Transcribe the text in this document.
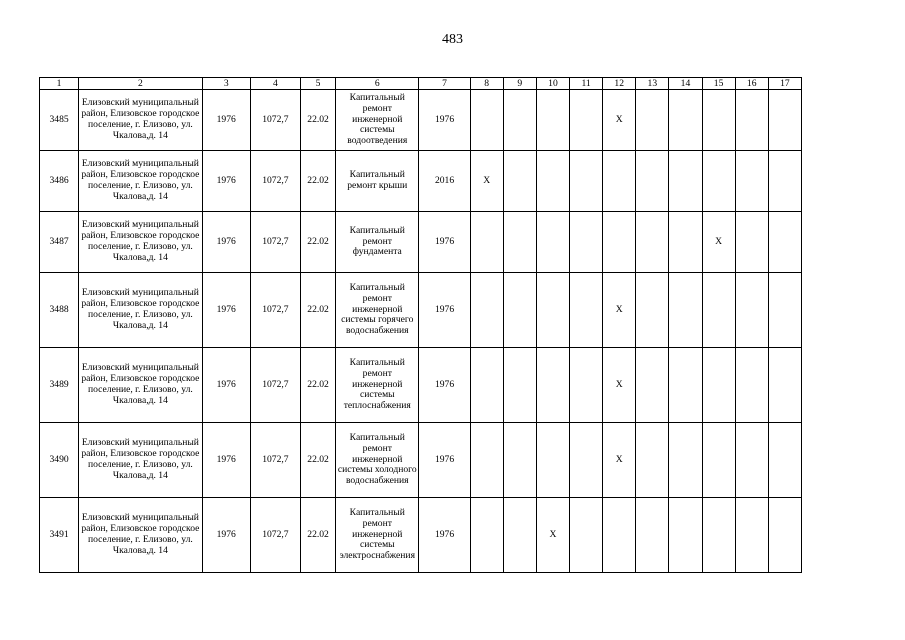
483
1	2	3	4	5	6	7	8	9	10	11	12	13	14	15	16	17
3485	Елизовский муниципальный район, Елизовское городское поселение, г. Елизово, ул. Чкалова,д. 14	1976	1072,7	22.02	Капитальный ремонт инженерной системы водоотведения	1976					X					
3486	Елизовский муниципальный район, Елизовское городское поселение, г. Елизово, ул. Чкалова,д. 14	1976	1072,7	22.02	Капитальный ремонт крыши	2016	X									
3487	Елизовский муниципальный район, Елизовское городское поселение, г. Елизово, ул. Чкалова,д. 14	1976	1072,7	22.02	Капитальный ремонт фундамента	1976								X		
3488	Елизовский муниципальный район, Елизовское городское поселение, г. Елизово, ул. Чкалова,д. 14	1976	1072,7	22.02	Капитальный ремонт инженерной системы горячего водоснабжения	1976					X					
3489	Елизовский муниципальный район, Елизовское городское поселение, г. Елизово, ул. Чкалова,д. 14	1976	1072,7	22.02	Капитальный ремонт инженерной системы теплоснабжения	1976					X					
3490	Елизовский муниципальный район, Елизовское городское поселение, г. Елизово, ул. Чкалова,д. 14	1976	1072,7	22.02	Капитальный ремонт инженерной системы холодного водоснабжения	1976					X					
3491	Елизовский муниципальный район, Елизовское городское поселение, г. Елизово, ул. Чкалова,д. 14	1976	1072,7	22.02	Капитальный ремонт инженерной системы электроснабжения	1976			X							
